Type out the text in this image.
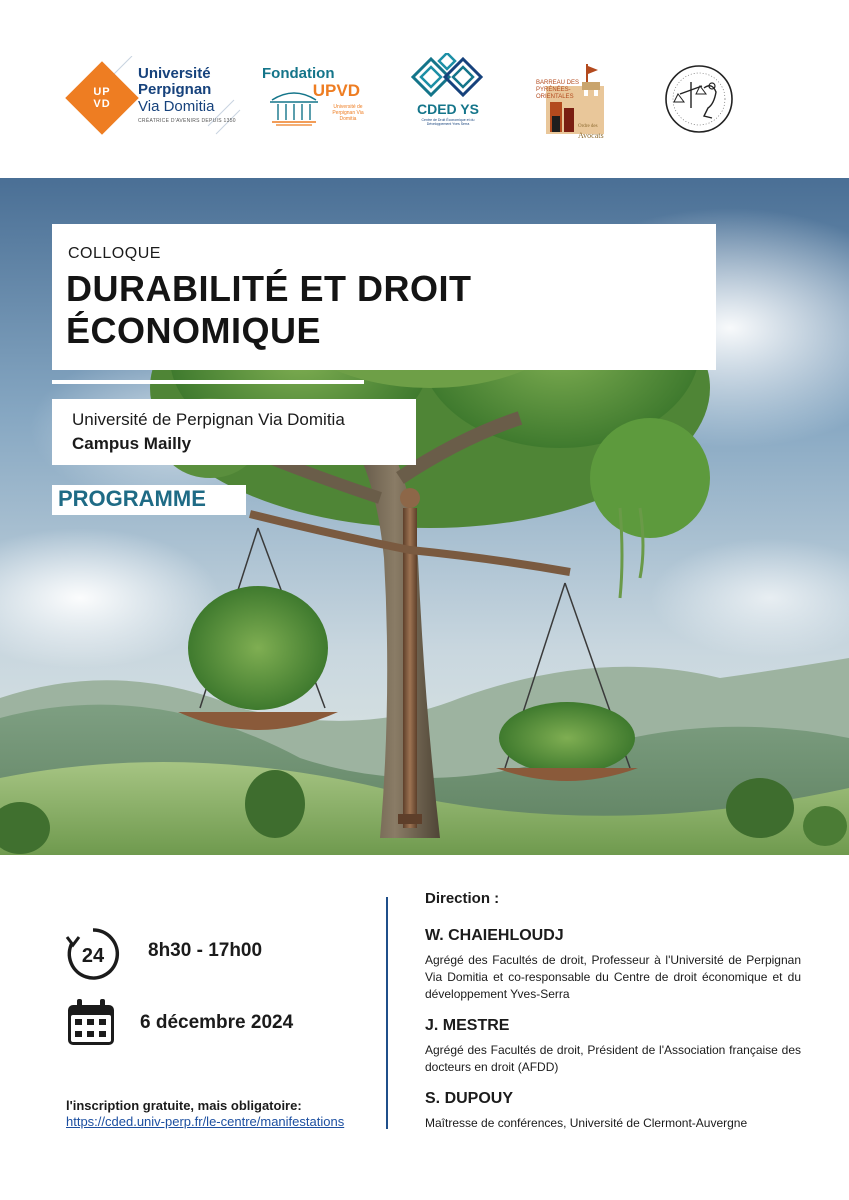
UP
VD
Université
Perpignan
Via Domitia
CRÉATRICE D'AVENIRS DEPUIS 1350
Fondation
UPVD
Université de Perpignan Via Domitia
CDED YS
Centre de Droit Économique et du Développement Yves Serra
BARREAU DES
PYRÉNÉES-
ORIENTALES
Ordre des
Avocats
COLLOQUE
DURABILITÉ ET DROIT
ÉCONOMIQUE
Université de Perpignan Via Domitia
Campus Mailly
PROGRAMME
24 8h30 - 17h00
6 décembre 2024
l'inscription gratuite, mais obligatoire:
https://cded.univ-perp.fr/le-centre/manifestations
Direction :
W. CHAIEHLOUDJ
Agrégé des Facultés de droit, Professeur à l'Université de Perpignan Via Domitia et co-responsable du Centre de droit économique et du développement Yves-Serra
J. MESTRE
Agrégé des Facultés de droit, Président de l'Association française des docteurs en droit (AFDD)
S. DUPOUY
Maîtresse de conférences, Université de Clermont-Auvergne
